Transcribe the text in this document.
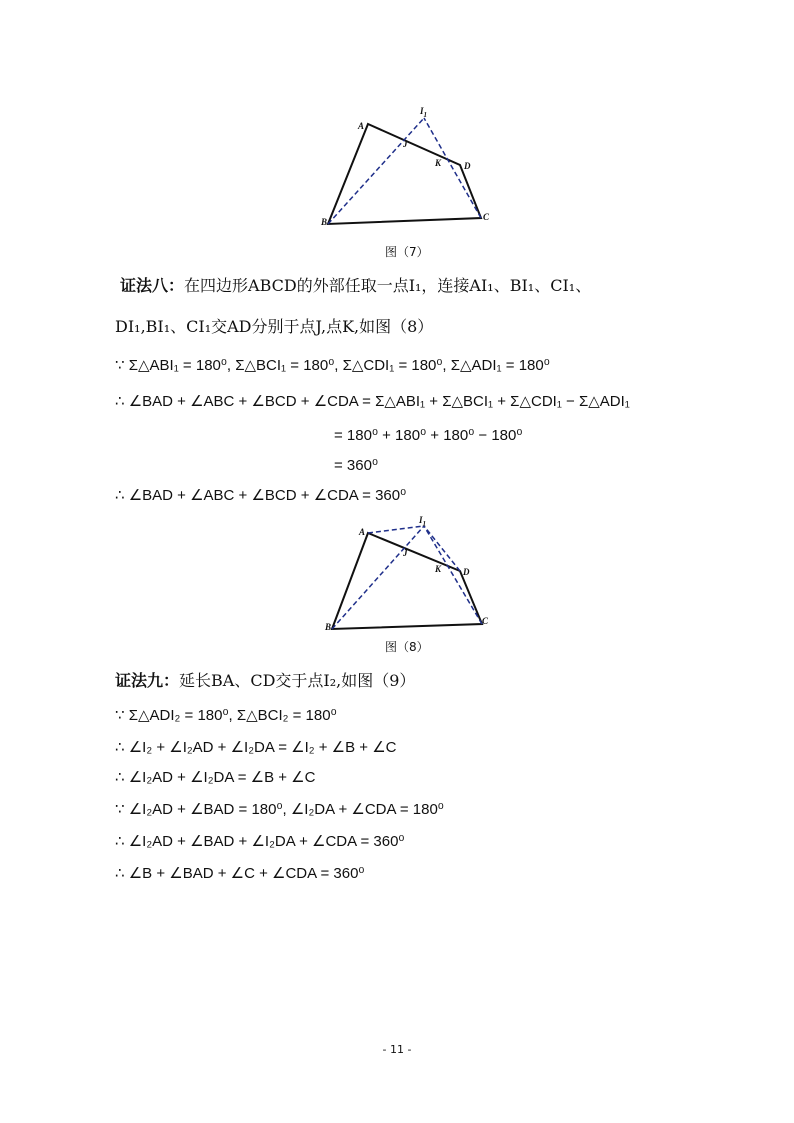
A
$I_1$
J
K	D
B	C
图（7）
证法八：在四边形ABCD的外部任取一点I₁，连接AI₁、BI₁、CI₁、
DI₁,BI₁、CI₁交AD分别于点J,点K,如图（8）
∵ Σ△ABI₁ = 180⁰, Σ△BCI₁ = 180⁰, Σ△CDI₁ = 180⁰, Σ△ADI₁ = 180⁰
∴ ∠BAD + ∠ABC + ∠BCD + ∠CDA = Σ△ABI₁ + Σ△BCI₁ + Σ△CDI₁ − Σ△ADI₁
= 180⁰ + 180⁰ + 180⁰ − 180⁰
= 360⁰
∴ ∠BAD + ∠ABC + ∠BCD + ∠CDA = 360⁰
A
$I_1$
J
K D
B
C
图（8）
证法九：延长BA、CD交于点I₂,如图（9）
∵ Σ△ADI₂ = 180⁰, Σ△BCI₂ = 180⁰
∴ ∠I₂ + ∠I₂AD + ∠I₂DA = ∠I₂ + ∠B + ∠C
∴ ∠I₂AD + ∠I₂DA = ∠B + ∠C
∵ ∠I₂AD + ∠BAD = 180⁰, ∠I₂DA + ∠CDA = 180⁰
∴ ∠I₂AD + ∠BAD + ∠I₂DA + ∠CDA = 360⁰
∴ ∠B + ∠BAD + ∠C + ∠CDA = 360⁰
- 11 -
